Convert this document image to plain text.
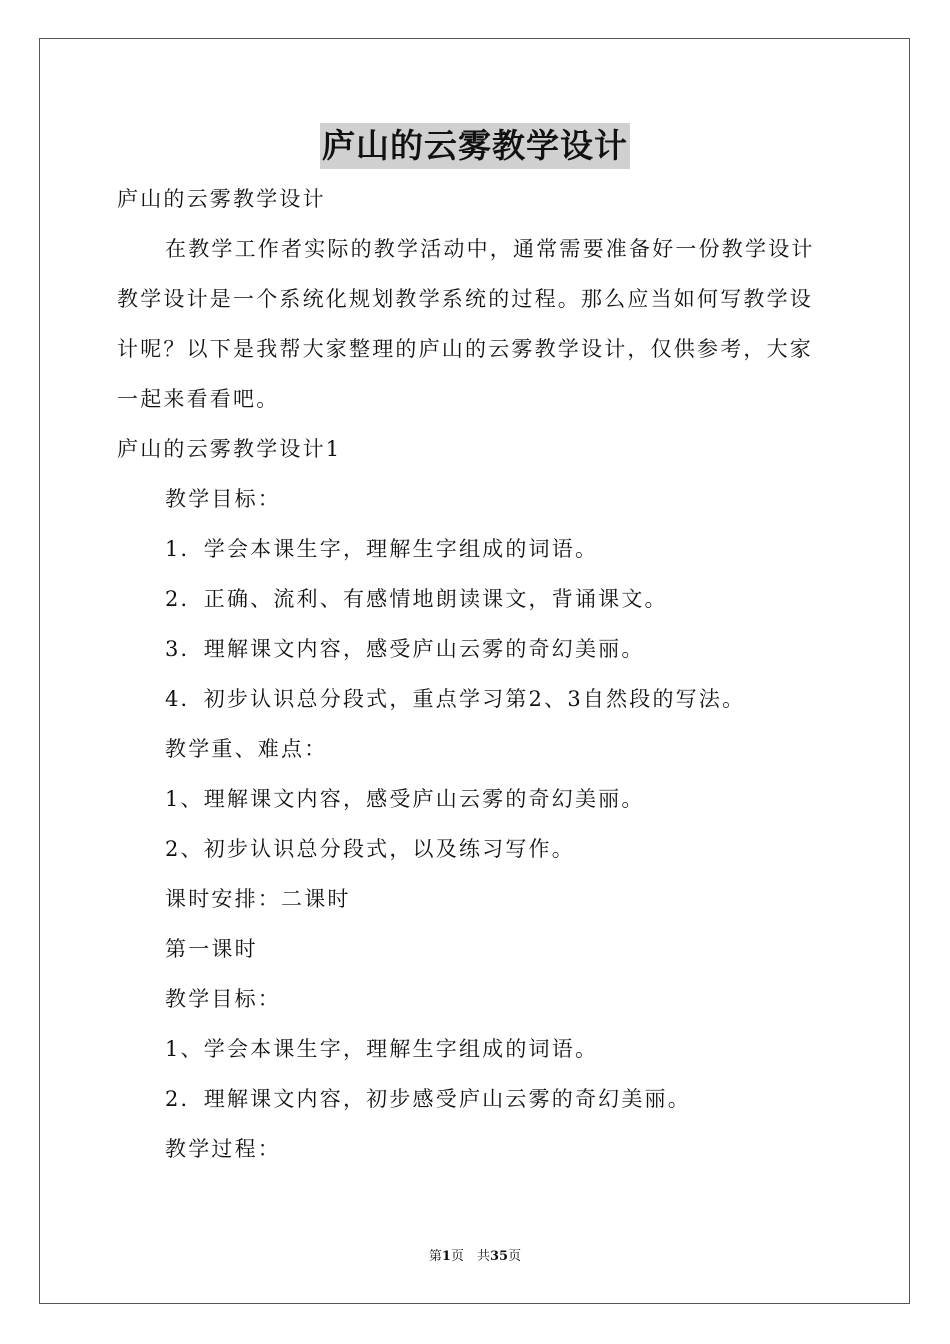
庐山的云雾教学设计
庐山的云雾教学设计
在教学工作者实际的教学活动中，通常需要准备好一份教学设计
教学设计是一个系统化规划教学系统的过程。那么应当如何写教学设
计呢？以下是我帮大家整理的庐山的云雾教学设计，仅供参考，大家
一起来看看吧。
庐山的云雾教学设计1
教学目标：
1．学会本课生字，理解生字组成的词语。
2．正确、流利、有感情地朗读课文，背诵课文。
3．理解课文内容，感受庐山云雾的奇幻美丽。
4．初步认识总分段式，重点学习第2、3自然段的写法。
教学重、难点：
1、理解课文内容，感受庐山云雾的奇幻美丽。
2、初步认识总分段式，以及练习写作。
课时安排：二课时
第一课时
教学目标：
1、学会本课生字，理解生字组成的词语。
2．理解课文内容，初步感受庐山云雾的奇幻美丽。
教学过程：
第1页　共35页
